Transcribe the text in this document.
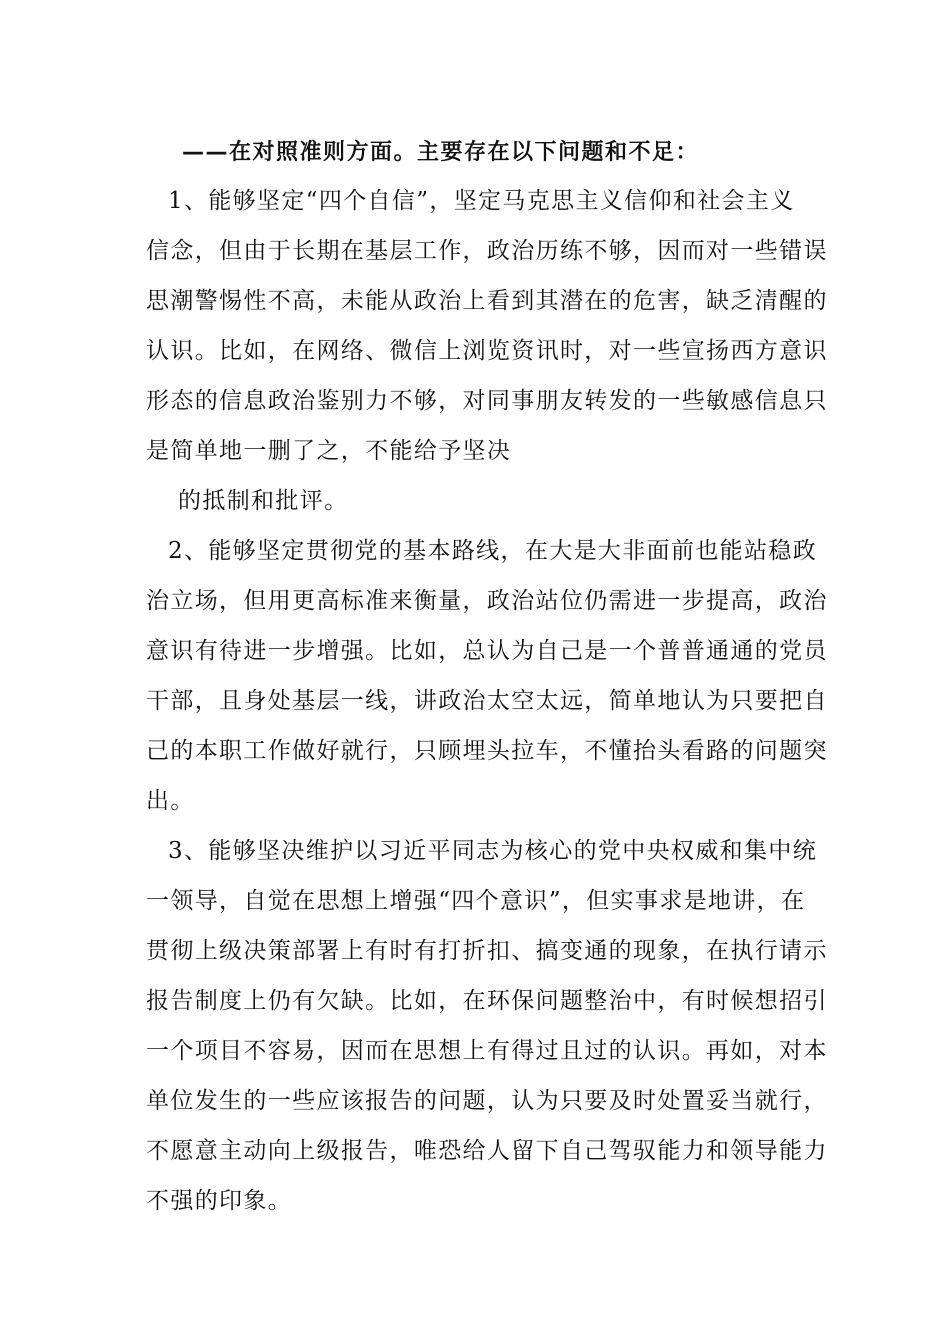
——在对照准则方面。主要存在以下问题和不足：
1、能够坚定“四个自信”，坚定马克思主义信仰和社会主义
信念，但由于长期在基层工作，政治历练不够，因而对一些错误
思潮警惕性不高，未能从政治上看到其潜在的危害，缺乏清醒的
认识。比如，在网络、微信上浏览资讯时，对一些宣扬西方意识
形态的信息政治鉴别力不够，对同事朋友转发的一些敏感信息只
是简单地一删了之，不能给予坚决
的抵制和批评。
2、能够坚定贯彻党的基本路线，在大是大非面前也能站稳政
治立场，但用更高标准来衡量，政治站位仍需进一步提高，政治
意识有待进一步增强。比如，总认为自己是一个普普通通的党员
干部，且身处基层一线，讲政治太空太远，简单地认为只要把自
己的本职工作做好就行，只顾埋头拉车，不懂抬头看路的问题突
出。
3、能够坚决维护以习近平同志为核心的党中央权威和集中统
一领导，自觉在思想上增强“四个意识”，但实事求是地讲，在
贯彻上级决策部署上有时有打折扣、搞变通的现象，在执行请示
报告制度上仍有欠缺。比如，在环保问题整治中，有时候想招引
一个项目不容易，因而在思想上有得过且过的认识。再如，对本
单位发生的一些应该报告的问题，认为只要及时处置妥当就行，
不愿意主动向上级报告，唯恐给人留下自己驾驭能力和领导能力
不强的印象。
